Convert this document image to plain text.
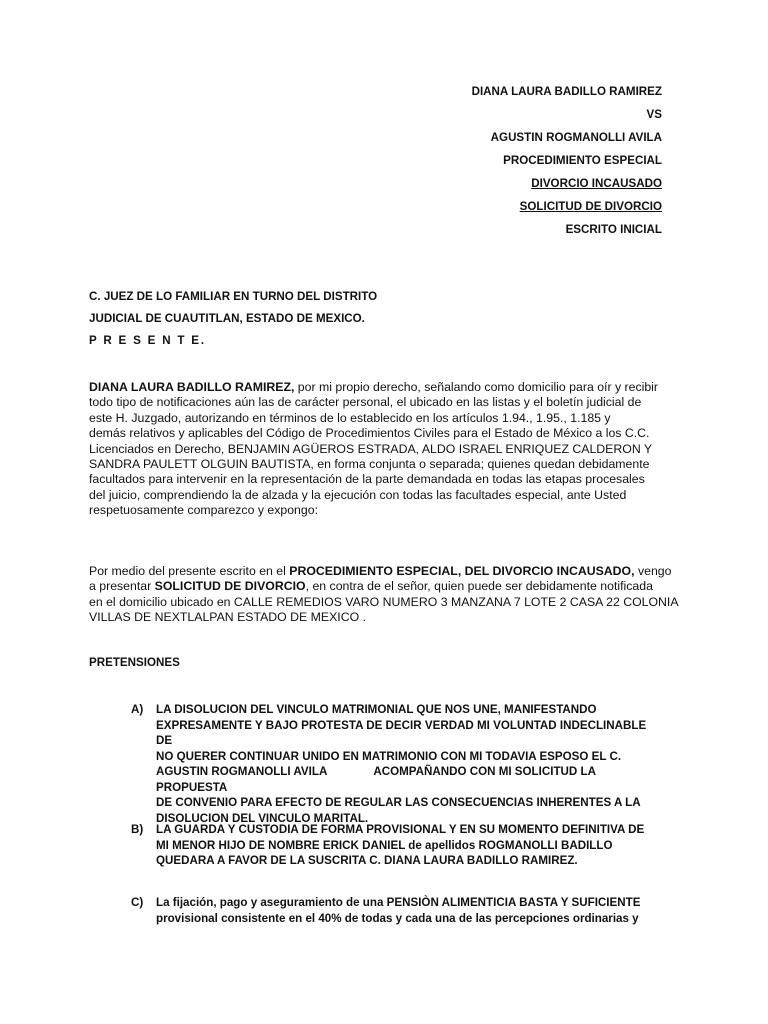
DIANA LAURA BADILLO RAMIREZ
VS
AGUSTIN ROGMANOLLI AVILA
PROCEDIMIENTO ESPECIAL
DIVORCIO INCAUSADO
SOLICITUD DE DIVORCIO
ESCRITO INICIAL
C. JUEZ DE LO FAMILIAR EN TURNO DEL DISTRITO
JUDICIAL DE CUAUTITLAN, ESTADO DE MEXICO.
P R E S E N T E.
DIANA LAURA BADILLO RAMIREZ, por mi propio derecho, señalando como domicilio para oír y recibir
todo tipo de notificaciones aún las de carácter personal, el ubicado en las listas y el boletín judicial de
este H. Juzgado, autorizando en términos de lo establecido en los artículos 1.94., 1.95., 1.185 y
demás relativos y aplicables del Código de Procedimientos Civiles para el Estado de México a los C.C.
Licenciados en Derecho, BENJAMIN AGÜEROS ESTRADA, ALDO ISRAEL ENRIQUEZ CALDERON Y
SANDRA PAULETT OLGUIN BAUTISTA, en forma conjunta o separada; quienes quedan debidamente
facultados para intervenir en la representación de la parte demandada en todas las etapas procesales
del juicio, comprendiendo la de alzada y la ejecución con todas las facultades especial, ante Usted
respetuosamente comparezco y expongo:
Por medio del presente escrito en el PROCEDIMIENTO ESPECIAL, DEL DIVORCIO INCAUSADO, vengo
a presentar SOLICITUD DE DIVORCIO, en contra de el señor, quien puede ser debidamente notificada
en el domicilio ubicado en CALLE REMEDIOS VARO NUMERO 3 MANZANA 7 LOTE 2 CASA 22 COLONIA
VILLAS DE NEXTLALPAN ESTADO DE MEXICO .
PRETENSIONES
A)	LA DISOLUCION DEL VINCULO MATRIMONIAL QUE NOS UNE, MANIFESTANDO
EXPRESAMENTE Y BAJO PROTESTA DE DECIR VERDAD MI VOLUNTAD INDECLINABLE DE
NO QUERER CONTINUAR UNIDO EN MATRIMONIO CON MI TODAVIA ESPOSO EL C.
AGUSTIN ROGMANOLLI AVILA	ACOMPAÑANDO CON MI SOLICITUD LA PROPUESTA
DE CONVENIO PARA EFECTO DE REGULAR LAS CONSECUENCIAS INHERENTES A LA
DISOLUCION DEL VINCULO MARITAL.
B)	LA GUARDA Y CUSTODIA DE FORMA PROVISIONAL Y EN SU MOMENTO DEFINITIVA DE
MI MENOR HIJO DE NOMBRE ERICK DANIEL de apellidos ROGMANOLLI BADILLO
QUEDARA A FAVOR DE LA SUSCRITA C. DIANA LAURA BADILLO RAMIREZ.
C)	La fijación, pago y aseguramiento de una PENSIÒN ALIMENTICIA BASTA Y SUFICIENTE
provisional consistente en el 40% de todas y cada una de las percepciones ordinarias y
